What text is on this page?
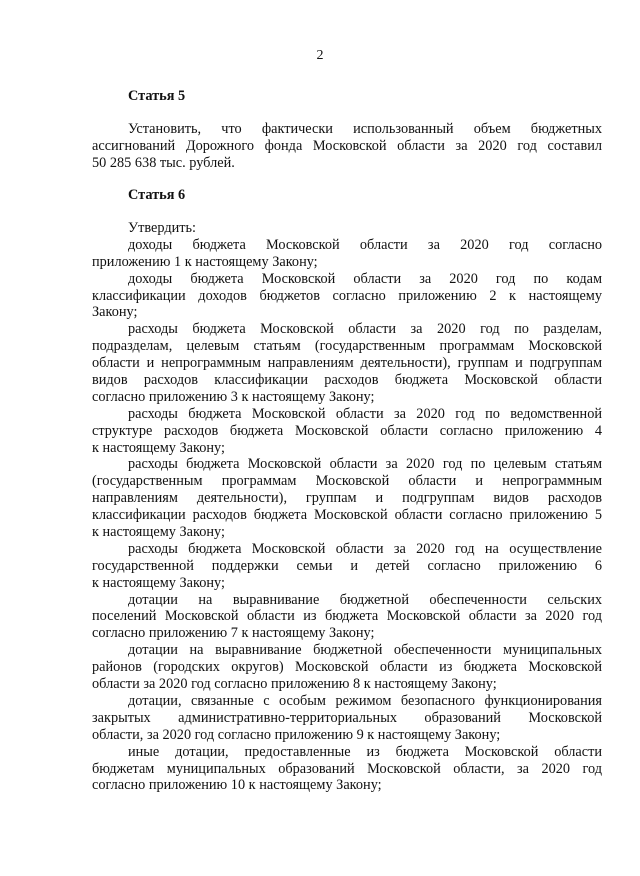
2
Статья 5
Установить, что фактически использованный объем бюджетных
ассигнований Дорожного фонда Московской области за 2020 год составил
50 285 638 тыс. рублей.
Статья 6
Утвердить:
доходы бюджета Московской области за 2020 год согласно
приложению 1 к настоящему Закону;
доходы бюджета Московской области за 2020 год по кодам
классификации доходов бюджетов согласно приложению 2 к настоящему
Закону;
расходы бюджета Московской области за 2020 год по разделам,
подразделам, целевым статьям (государственным программам Московской
области и непрограммным направлениям деятельности), группам и подгруппам
видов расходов классификации расходов бюджета Московской области
согласно приложению 3 к настоящему Закону;
расходы бюджета Московской области за 2020 год по ведомственной
структуре расходов бюджета Московской области согласно приложению 4
к настоящему Закону;
расходы бюджета Московской области за 2020 год по целевым статьям
(государственным программам Московской области и непрограммным
направлениям деятельности), группам и подгруппам видов расходов
классификации расходов бюджета Московской области согласно приложению 5
к настоящему Закону;
расходы бюджета Московской области за 2020 год на осуществление
государственной поддержки семьи и детей согласно приложению 6
к настоящему Закону;
дотации на выравнивание бюджетной обеспеченности сельских
поселений Московской области из бюджета Московской области за 2020 год
согласно приложению 7 к настоящему Закону;
дотации на выравнивание бюджетной обеспеченности муниципальных
районов (городских округов) Московской области из бюджета Московской
области за 2020 год согласно приложению 8 к настоящему Закону;
дотации, связанные с особым режимом безопасного функционирования
закрытых административно-территориальных образований Московской
области, за 2020 год согласно приложению 9 к настоящему Закону;
иные дотации, предоставленные из бюджета Московской области
бюджетам муниципальных образований Московской области, за 2020 год
согласно приложению 10 к настоящему Закону;
